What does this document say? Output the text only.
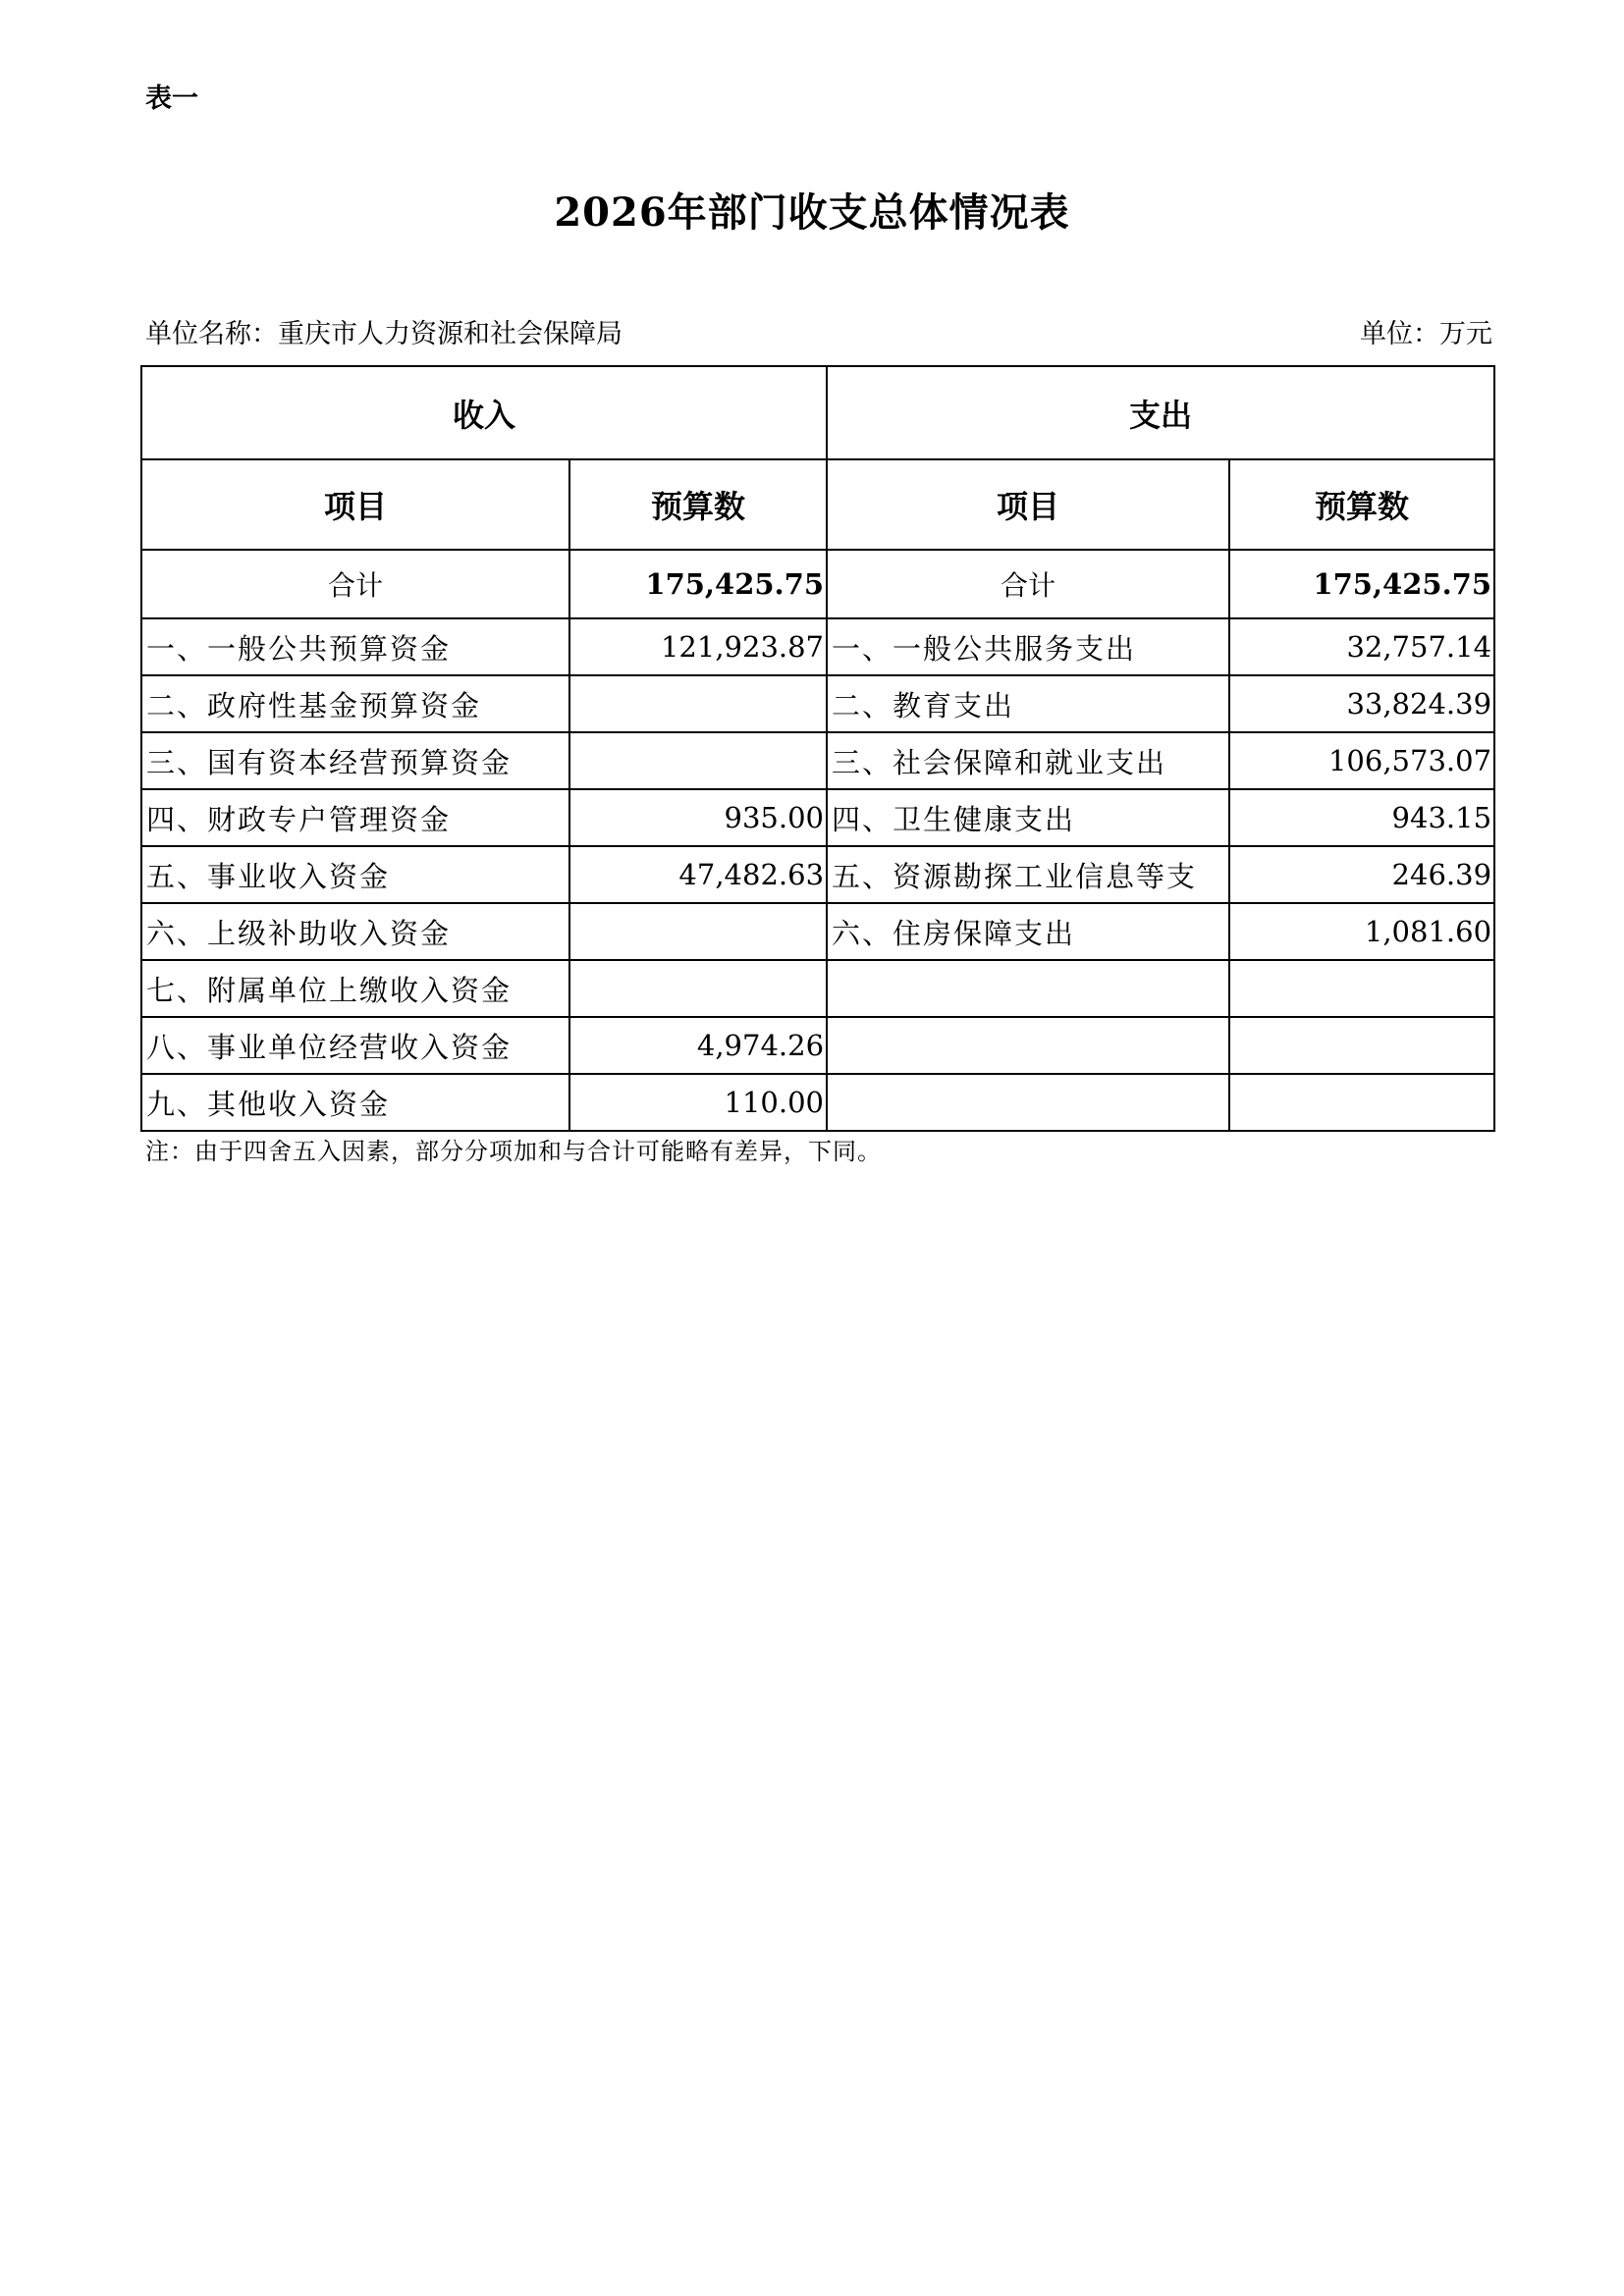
表一
2026年部门收支总体情况表
单位名称：重庆市人力资源和社会保障局	单位：万元
收入		支出	
项目	预算数	项目	预算数
合计	175,425.75	合计	175,425.75
一、一般公共预算资金	121,923.87	一、一般公共服务支出	32,757.14
二、政府性基金预算资金		二、教育支出	33,824.39
三、国有资本经营预算资金		三、社会保障和就业支出	106,573.07
四、财政专户管理资金	935.00	四、卫生健康支出	943.15
五、事业收入资金	47,482.63	五、资源勘探工业信息等支	246.39
六、上级补助收入资金		六、住房保障支出	1,081.60
七、附属单位上缴收入资金			
八、事业单位经营收入资金	4,974.26		
九、其他收入资金	110.00		
注：由于四舍五入因素，部分分项加和与合计可能略有差异，下同。
